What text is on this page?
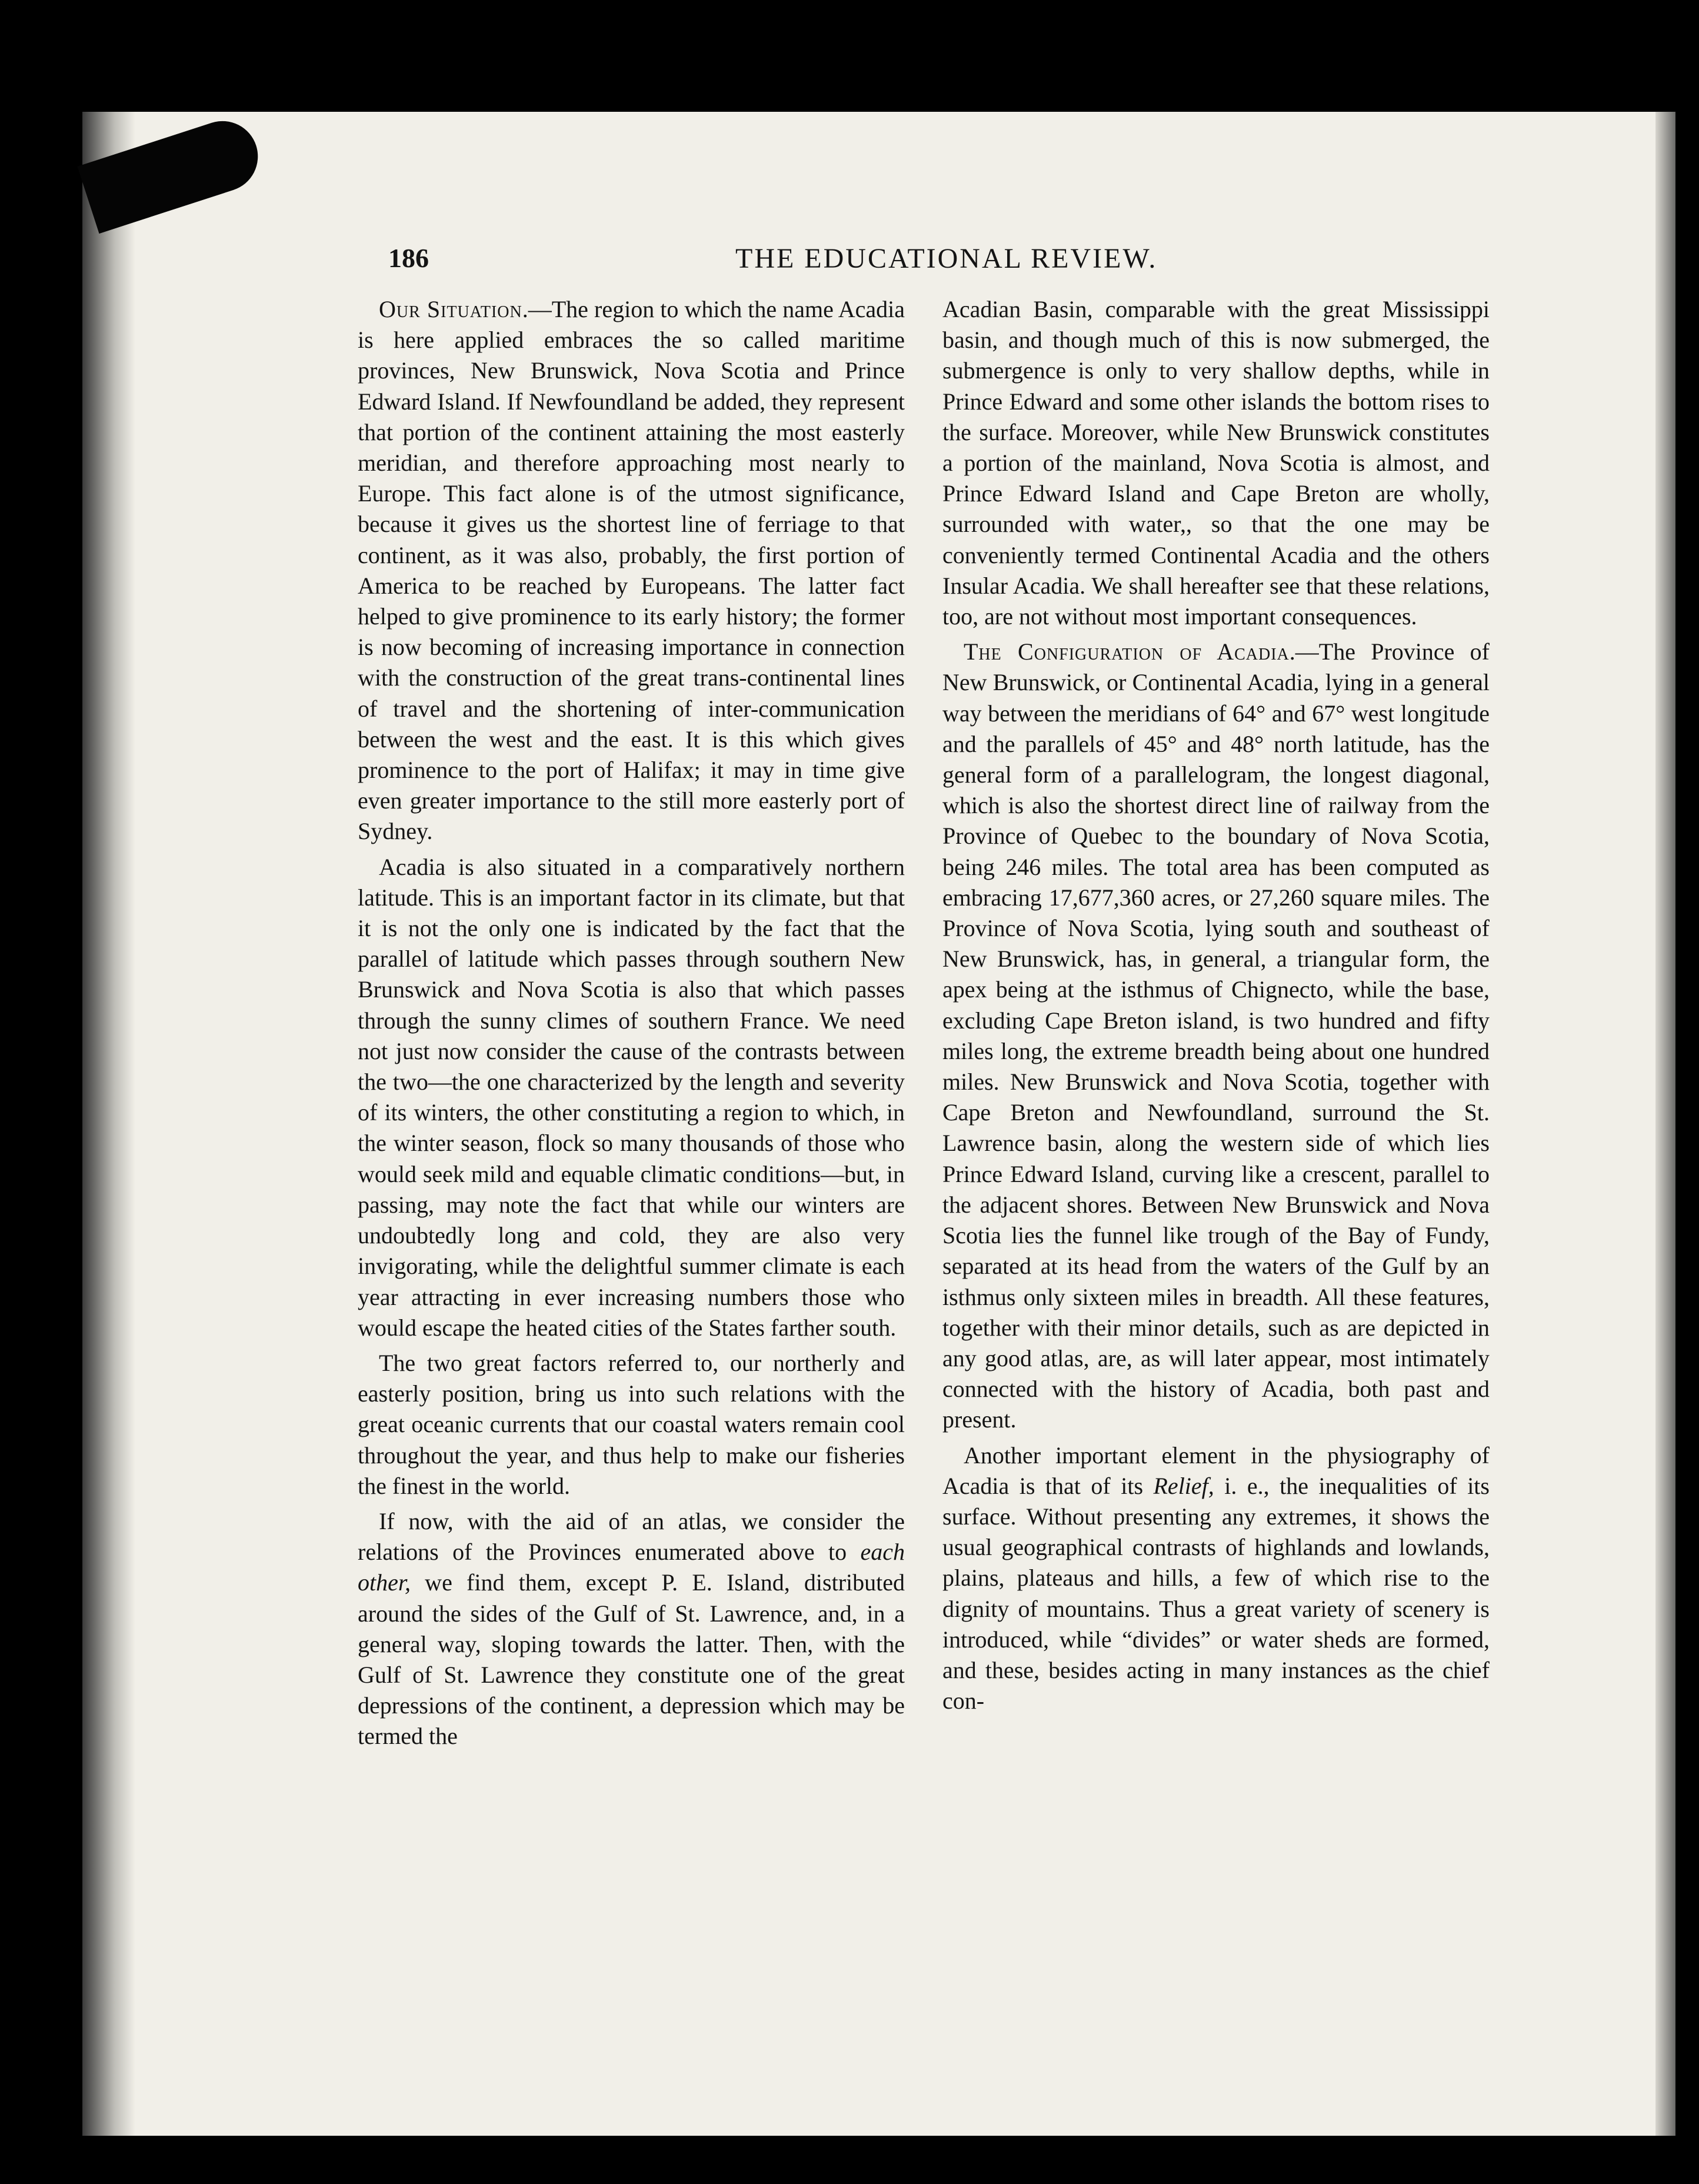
186	THE EDUCATIONAL REVIEW.

Our Situation.—The region to which the name Acadia is here applied embraces the so called maritime provinces, New Brunswick, Nova Scotia and Prince Edward Island. If Newfoundland be added, they represent that portion of the continent attaining the most easterly meridian, and therefore approaching most nearly to Europe. This fact alone is of the utmost significance, because it gives us the shortest line of ferriage to that continent, as it was also, probably, the first portion of America to be reached by Europeans. The latter fact helped to give prominence to its early history; the former is now becoming of increasing importance in connection with the construction of the great trans-continental lines of travel and the shortening of inter-communication between the west and the east. It is this which gives prominence to the port of Halifax; it may in time give even greater importance to the still more easterly port of Sydney.

Acadia is also situated in a comparatively northern latitude. This is an important factor in its climate, but that it is not the only one is indicated by the fact that the parallel of latitude which passes through southern New Brunswick and Nova Scotia is also that which passes through the sunny climes of southern France. We need not just now consider the cause of the contrasts between the two—the one characterized by the length and severity of its winters, the other constituting a region to which, in the winter season, flock so many thousands of those who would seek mild and equable climatic conditions—but, in passing, may note the fact that while our winters are undoubtedly long and cold, they are also very invigorating, while the delightful summer climate is each year attracting in ever increasing numbers those who would escape the heated cities of the States farther south.

The two great factors referred to, our northerly and easterly position, bring us into such relations with the great oceanic currents that our coastal waters remain cool throughout the year, and thus help to make our fisheries the finest in the world.

If now, with the aid of an atlas, we consider the relations of the Provinces enumerated above to each other, we find them, except P. E. Island, distributed around the sides of the Gulf of St. Lawrence, and, in a general way, sloping towards the latter. Then, with the Gulf of St. Lawrence they constitute one of the great depressions of the continent, a depression which may be termed the

Acadian Basin, comparable with the great Mississippi basin, and though much of this is now submerged, the submergence is only to very shallow depths, while in Prince Edward and some other islands the bottom rises to the surface. Moreover, while New Brunswick constitutes a portion of the mainland, Nova Scotia is almost, and Prince Edward Island and Cape Breton are wholly, surrounded with water,, so that the one may be conveniently termed Continental Acadia and the others Insular Acadia. We shall hereafter see that these relations, too, are not without most important consequences.

The Configuration of Acadia.—The Province of New Brunswick, or Continental Acadia, lying in a general way between the meridians of 64° and 67° west longitude and the parallels of 45° and 48° north latitude, has the general form of a parallelogram, the longest diagonal, which is also the shortest direct line of railway from the Province of Quebec to the boundary of Nova Scotia, being 246 miles. The total area has been computed as embracing 17,677,360 acres, or 27,260 square miles. The Province of Nova Scotia, lying south and southeast of New Brunswick, has, in general, a triangular form, the apex being at the isthmus of Chignecto, while the base, excluding Cape Breton island, is two hundred and fifty miles long, the extreme breadth being about one hundred miles. New Brunswick and Nova Scotia, together with Cape Breton and Newfoundland, surround the St. Lawrence basin, along the western side of which lies Prince Edward Island, curving like a crescent, parallel to the adjacent shores. Between New Brunswick and Nova Scotia lies the funnel like trough of the Bay of Fundy, separated at its head from the waters of the Gulf by an isthmus only sixteen miles in breadth. All these features, together with their minor details, such as are depicted in any good atlas, are, as will later appear, most intimately connected with the history of Acadia, both past and present.

Another important element in the physiography of Acadia is that of its Relief, i. e., the inequalities of its surface. Without presenting any extremes, it shows the usual geographical contrasts of highlands and lowlands, plains, plateaus and hills, a few of which rise to the dignity of mountains. Thus a great variety of scenery is introduced, while “divides” or water sheds are formed, and these, besides acting in many instances as the chief con-
